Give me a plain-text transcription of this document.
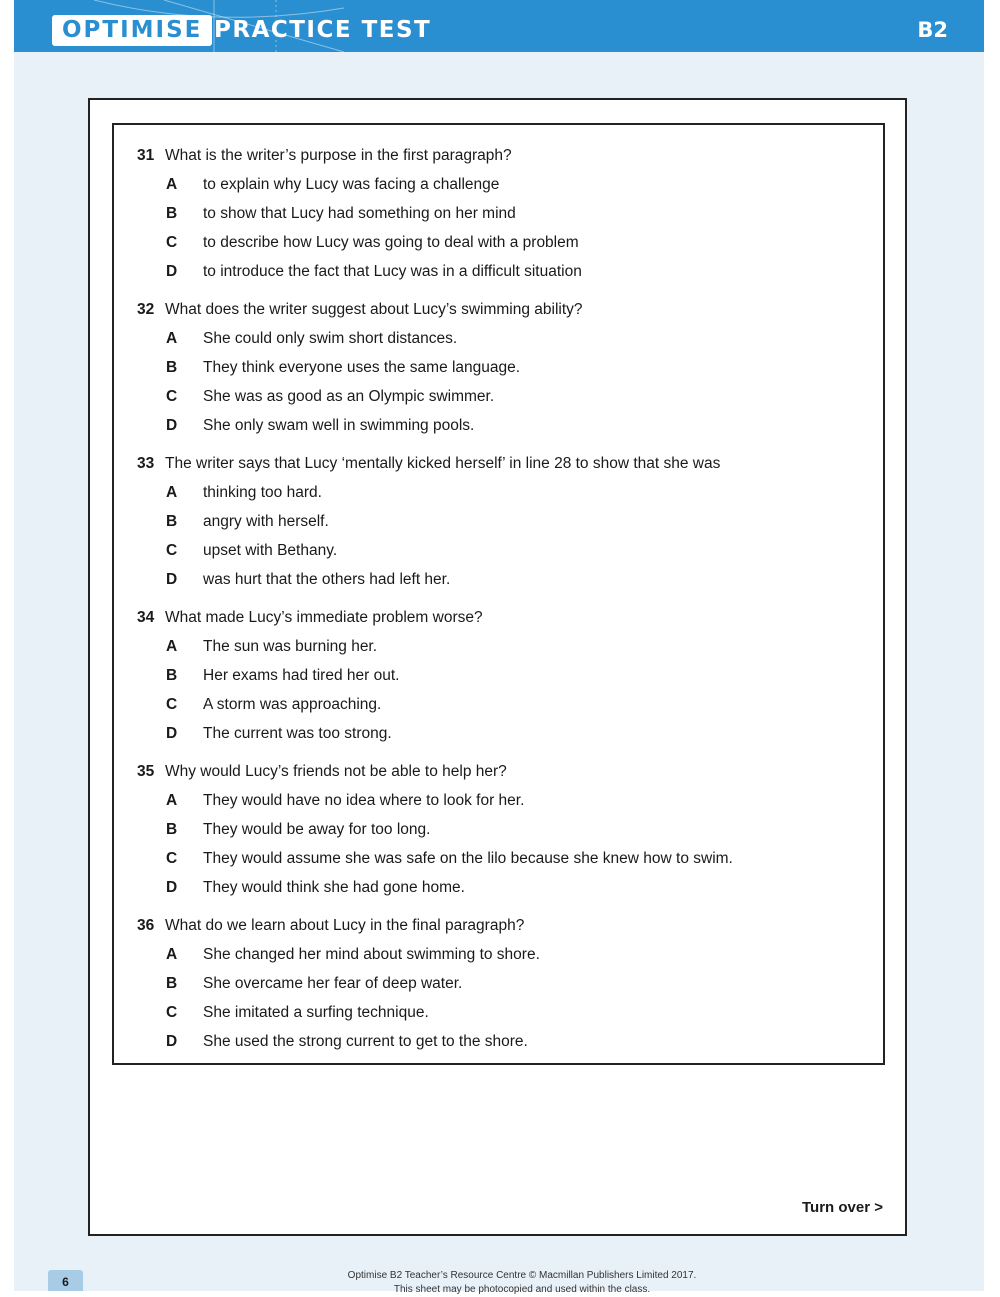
OPTIMISE PRACTICE TEST	B2
Turn over >
31 What is the writer’s purpose in the first paragraph?
A to explain why Lucy was facing a challenge
B to show that Lucy had something on her mind
C to describe how Lucy was going to deal with a problem
D to introduce the fact that Lucy was in a difficult situation
32 What does the writer suggest about Lucy’s swimming ability?
A She could only swim short distances.
B They think everyone uses the same language.
C She was as good as an Olympic swimmer.
D She only swam well in swimming pools.
33 The writer says that Lucy ‘mentally kicked herself’ in line 28 to show that she was
A thinking too hard.
B angry with herself.
C upset with Bethany.
D was hurt that the others had left her.
34 What made Lucy’s immediate problem worse?
A The sun was burning her.
B Her exams had tired her out.
C A storm was approaching.
D The current was too strong.
35 Why would Lucy’s friends not be able to help her?
A They would have no idea where to look for her.
B They would be away for too long.
C They would assume she was safe on the lilo because she knew how to swim.
D They would think she had gone home.
36 What do we learn about Lucy in the final paragraph?
A She changed her mind about swimming to shore.
B She overcame her fear of deep water.
C She imitated a surfing technique.
D She used the strong current to get to the shore.
6	Optimise B2 Teacher’s Resource Centre © Macmillan Publishers Limited 2017.
This sheet may be photocopied and used within the class.
